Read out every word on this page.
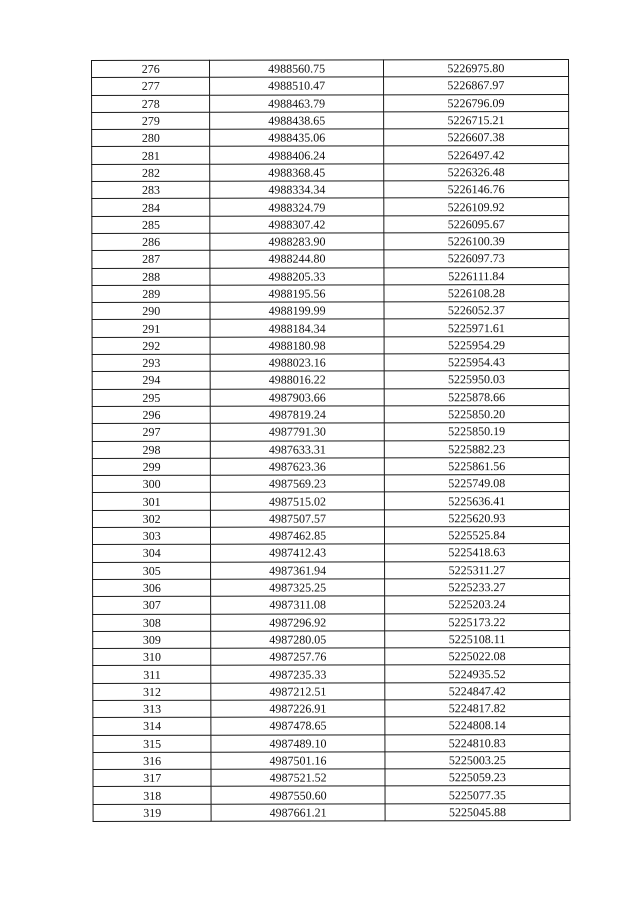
276	4988560.75	5226975.80
277	4988510.47	5226867.97
278	4988463.79	5226796.09
279	4988438.65	5226715.21
280	4988435.06	5226607.38
281	4988406.24	5226497.42
282	4988368.45	5226326.48
283	4988334.34	5226146.76
284	4988324.79	5226109.92
285	4988307.42	5226095.67
286	4988283.90	5226100.39
287	4988244.80	5226097.73
288	4988205.33	5226111.84
289	4988195.56	5226108.28
290	4988199.99	5226052.37
291	4988184.34	5225971.61
292	4988180.98	5225954.29
293	4988023.16	5225954.43
294	4988016.22	5225950.03
295	4987903.66	5225878.66
296	4987819.24	5225850.20
297	4987791.30	5225850.19
298	4987633.31	5225882.23
299	4987623.36	5225861.56
300	4987569.23	5225749.08
301	4987515.02	5225636.41
302	4987507.57	5225620.93
303	4987462.85	5225525.84
304	4987412.43	5225418.63
305	4987361.94	5225311.27
306	4987325.25	5225233.27
307	4987311.08	5225203.24
308	4987296.92	5225173.22
309	4987280.05	5225108.11
310	4987257.76	5225022.08
311	4987235.33	5224935.52
312	4987212.51	5224847.42
313	4987226.91	5224817.82
314	4987478.65	5224808.14
315	4987489.10	5224810.83
316	4987501.16	5225003.25
317	4987521.52	5225059.23
318	4987550.60	5225077.35
319	4987661.21	5225045.88
